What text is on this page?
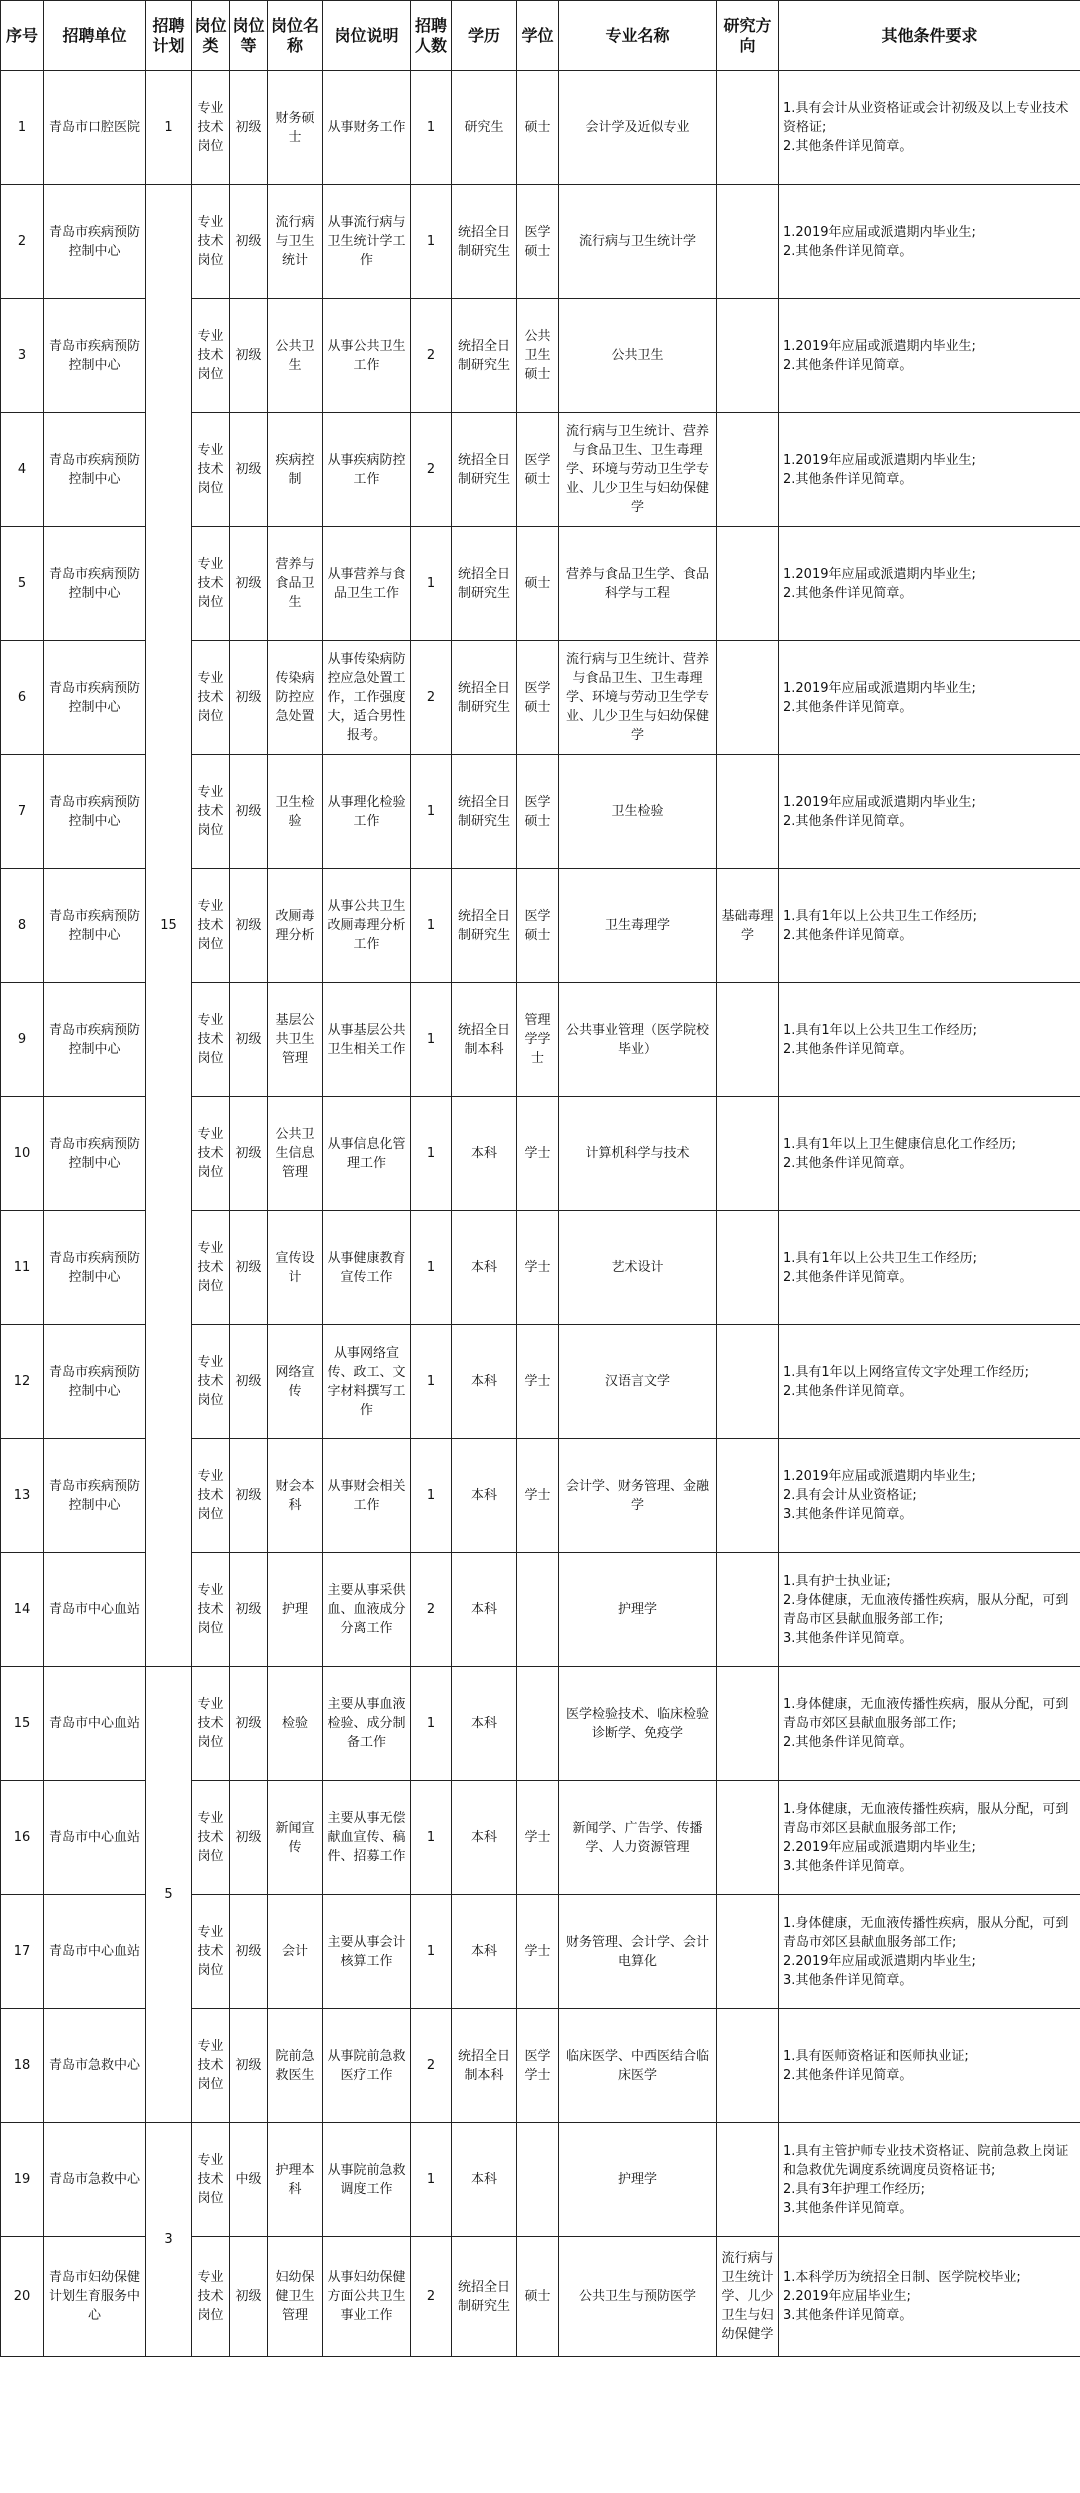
序号	招聘单位	招聘计划	岗位类	岗位等	岗位名称	岗位说明	招聘人数	学历	学位	专业名称	研究方向	其他条件要求
1	青岛市口腔医院	1	专业技术岗位	初级	财务硕士	从事财务工作	1	研究生	硕士	会计学及近似专业		1.具有会计从业资格证或会计初级及以上专业技术资格证;
2.其他条件详见简章。

2	青岛市疾病预防控制中心	15	专业技术岗位	初级	流行病与卫生统计	从事流行病与卫生统计学工作	1	统招全日制研究生	医学硕士	流行病与卫生统计学		1.2019年应届或派遣期内毕业生;
2.其他条件详见简章。

3	青岛市疾病预防控制中心		专业技术岗位	初级	公共卫生	从事公共卫生工作	2	统招全日制研究生	公共卫生硕士	公共卫生		1.2019年应届或派遣期内毕业生;
2.其他条件详见简章。

4	青岛市疾病预防控制中心		专业技术岗位	初级	疾病控制	从事疾病防控工作	2	统招全日制研究生	医学硕士	流行病与卫生统计、营养与食品卫生、卫生毒理学、环境与劳动卫生学专业、儿少卫生与妇幼保健学		1.2019年应届或派遣期内毕业生;
2.其他条件详见简章。

5	青岛市疾病预防控制中心		专业技术岗位	初级	营养与食品卫生	从事营养与食品卫生工作	1	统招全日制研究生	硕士	营养与食品卫生学、食品科学与工程		1.2019年应届或派遣期内毕业生;
2.其他条件详见简章。

6	青岛市疾病预防控制中心		专业技术岗位	初级	传染病防控应急处置	从事传染病防控应急处置工作，工作强度大，适合男性报考。	2	统招全日制研究生	医学硕士	流行病与卫生统计、营养与食品卫生、卫生毒理学、环境与劳动卫生学专业、儿少卫生与妇幼保健学		1.2019年应届或派遣期内毕业生;
2.其他条件详见简章。

7	青岛市疾病预防控制中心		专业技术岗位	初级	卫生检验	从事理化检验工作	1	统招全日制研究生	医学硕士	卫生检验		1.2019年应届或派遣期内毕业生;
2.其他条件详见简章。

8	青岛市疾病预防控制中心		专业技术岗位	初级	改厕毒理分析	从事公共卫生改厕毒理分析工作	1	统招全日制研究生	医学硕士	卫生毒理学	基础毒理学	1.具有1年以上公共卫生工作经历;
2.其他条件详见简章。

9	青岛市疾病预防控制中心		专业技术岗位	初级	基层公共卫生管理	从事基层公共卫生相关工作	1	统招全日制本科	管理学学士	公共事业管理（医学院校毕业）		1.具有1年以上公共卫生工作经历;
2.其他条件详见简章。

10	青岛市疾病预防控制中心		专业技术岗位	初级	公共卫生信息管理	从事信息化管理工作	1	本科	学士	计算机科学与技术		1.具有1年以上卫生健康信息化工作经历;
2.其他条件详见简章。

11	青岛市疾病预防控制中心		专业技术岗位	初级	宣传设计	从事健康教育宣传工作	1	本科	学士	艺术设计		1.具有1年以上公共卫生工作经历;
2.其他条件详见简章。

12	青岛市疾病预防控制中心		专业技术岗位	初级	网络宣传	从事网络宣传、政工、文字材料撰写工作	1	本科	学士	汉语言文学		1.具有1年以上网络宣传文字处理工作经历;
2.其他条件详见简章。

13	青岛市疾病预防控制中心		专业技术岗位	初级	财会本科	从事财会相关工作	1	本科	学士	会计学、财务管理、金融学		1.2019年应届或派遣期内毕业生;
2.具有会计从业资格证;
3.其他条件详见简章。

14	青岛市中心血站		专业技术岗位	初级	护理	主要从事采供血、血液成分分离工作	2	本科		护理学		1.具有护士执业证;
2.身体健康，无血液传播性疾病，服从分配，可到青岛市区县献血服务部工作;
3.其他条件详见简章。

15	青岛市中心血站	5	专业技术岗位	初级	检验	主要从事血液检验、成分制备工作	1	本科		医学检验技术、临床检验诊断学、免疫学		1.身体健康，无血液传播性疾病，服从分配，可到青岛市郊区县献血服务部工作;
2.其他条件详见简章。

16	青岛市中心血站		专业技术岗位	初级	新闻宣传	主要从事无偿献血宣传、稿件、招募工作	1	本科	学士	新闻学、广告学、传播学、人力资源管理		1.身体健康，无血液传播性疾病，服从分配，可到青岛市郊区县献血服务部工作;
2.2019年应届或派遣期内毕业生;
3.其他条件详见简章。

17	青岛市中心血站		专业技术岗位	初级	会计	主要从事会计核算工作	1	本科	学士	财务管理、会计学、会计电算化		1.身体健康，无血液传播性疾病，服从分配，可到青岛市郊区县献血服务部工作;
2.2019年应届或派遣期内毕业生;
3.其他条件详见简章。

18	青岛市急救中心		专业技术岗位	初级	院前急救医生	从事院前急救医疗工作	2	统招全日制本科	医学学士	临床医学、中西医结合临床医学		1.具有医师资格证和医师执业证;
2.其他条件详见简章。

19	青岛市急救中心	3	专业技术岗位	中级	护理本科	从事院前急救调度工作	1	本科		护理学		1.具有主管护师专业技术资格证、院前急救上岗证和急救优先调度系统调度员资格证书;
2.具有3年护理工作经历;
3.其他条件详见简章。

20	青岛市妇幼保健计划生育服务中心		专业技术岗位	初级	妇幼保健卫生管理	从事妇幼保健方面公共卫生事业工作	2	统招全日制研究生	硕士	公共卫生与预防医学	流行病与卫生统计学、儿少卫生与妇幼保健学	1.本科学历为统招全日制、医学院校毕业;
2.2019年应届毕业生;
3.其他条件详见简章。
